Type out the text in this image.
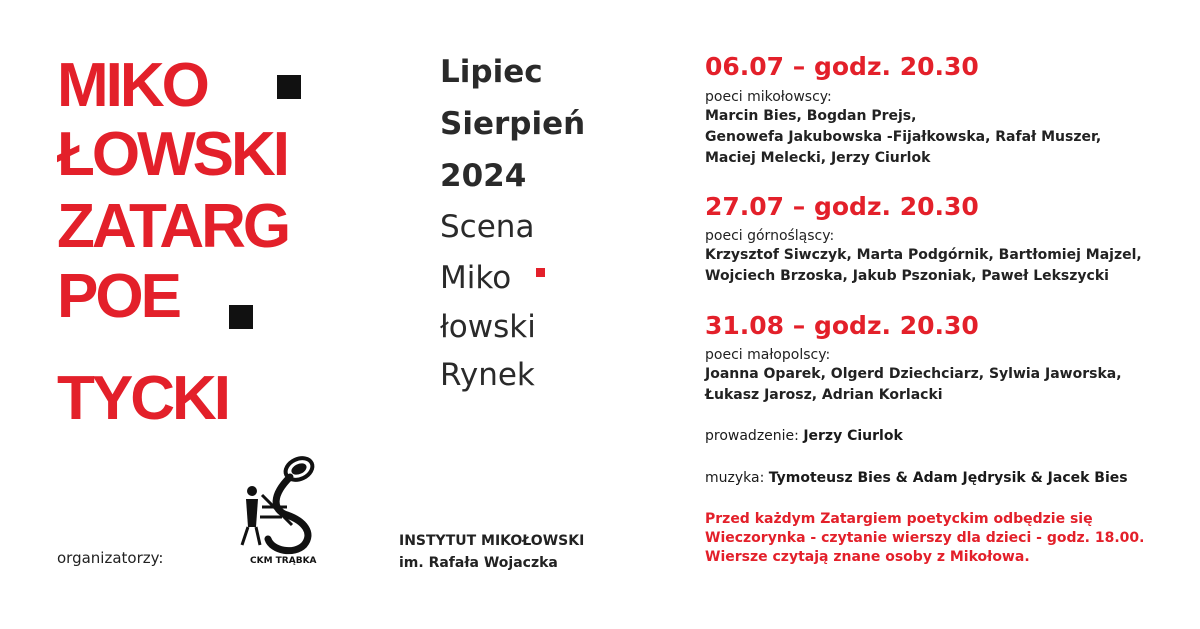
MIKO
ŁOWSKI
ZATARG
POE
TYCKI
Lipiec
Sierpień
2024
Scena
Miko
łowski
Rynek
06.07 – godz. 20.30
poeci mikołowscy:
Marcin Bies, Bogdan Prejs,
Genowefa Jakubowska -Fijałkowska, Rafał Muszer,
Maciej Melecki, Jerzy Ciurlok
27.07 – godz. 20.30
poeci górnośląscy:
Krzysztof Siwczyk, Marta Podgórnik, Bartłomiej Majzel,
Wojciech Brzoska, Jakub Pszoniak, Paweł Lekszycki
31.08 – godz. 20.30
poeci małopolscy:
Joanna Oparek, Olgerd Dziechciarz, Sylwia Jaworska,
Łukasz Jarosz, Adrian Korlacki
prowadzenie: Jerzy Ciurlok
muzyka: Tymoteusz Bies & Adam Jędrysik & Jacek Bies
Przed każdym Zatargiem poetyckim odbędzie się
Wieczorynka - czytanie wierszy dla dzieci - godz. 18.00.
Wiersze czytają znane osoby z Mikołowa.
organizatorzy:	CKM TRĄBKA
INSTYTUT MIKOŁOWSKI
im. Rafała Wojaczka
